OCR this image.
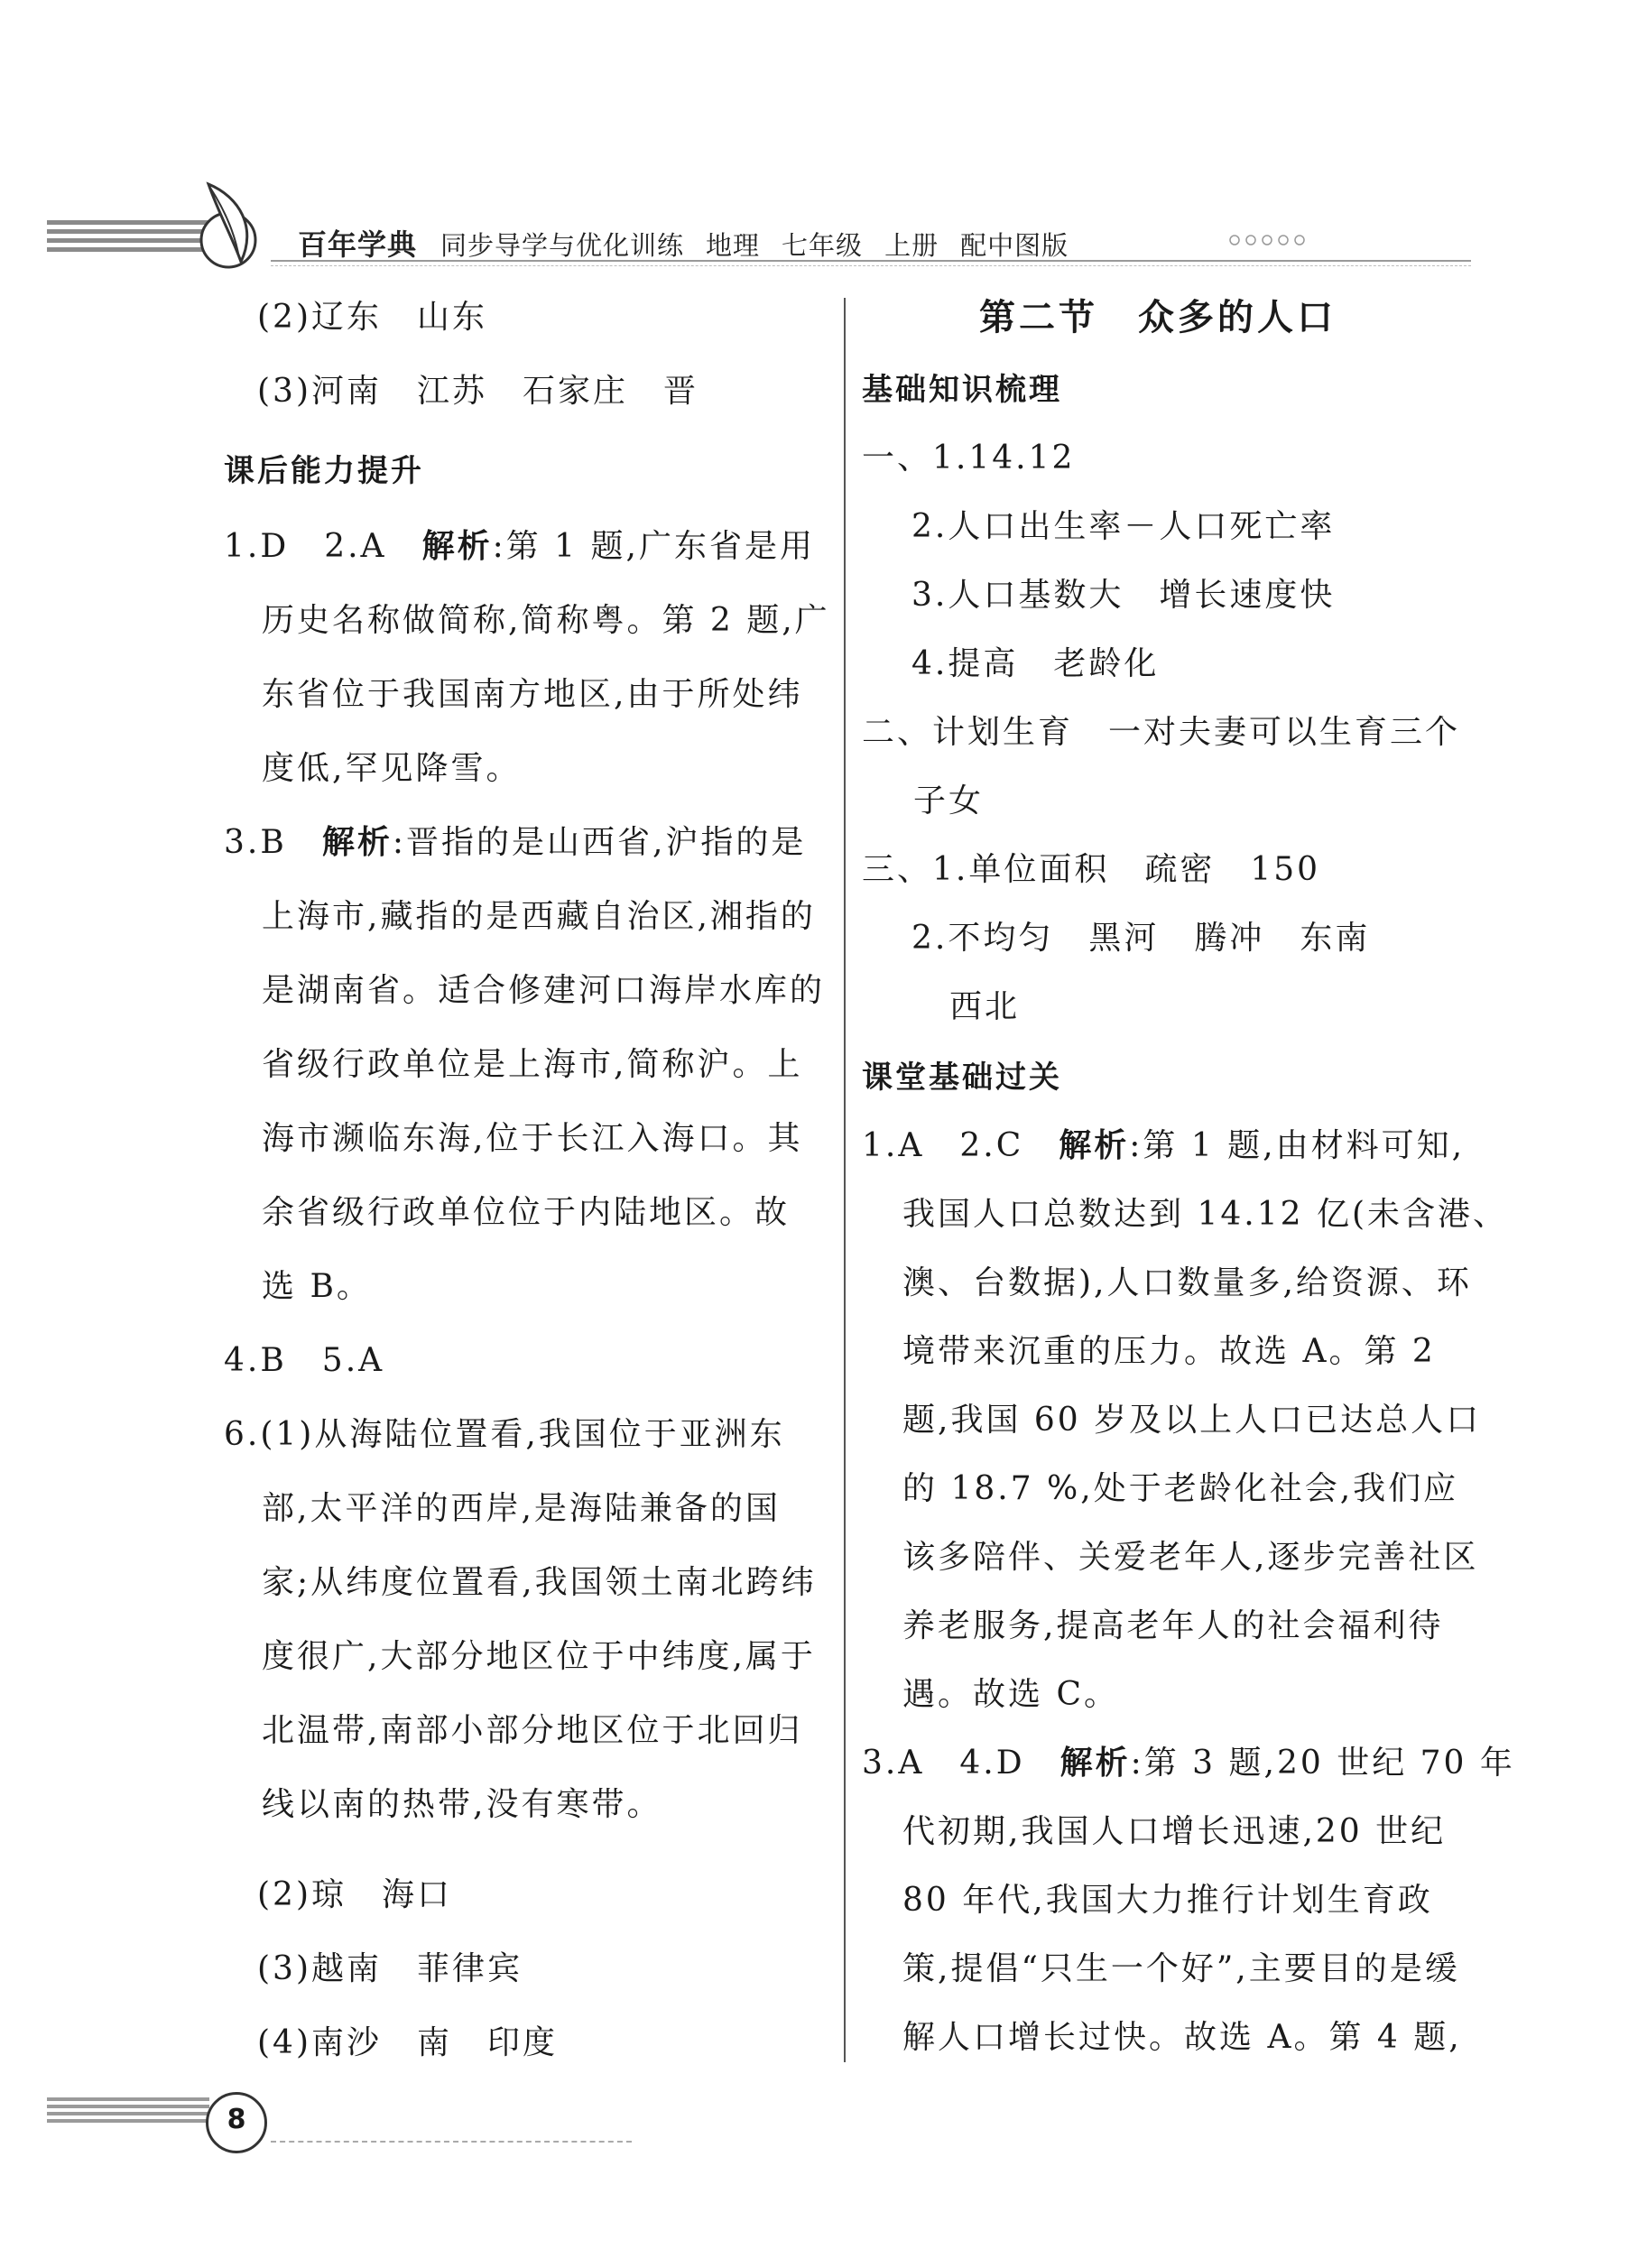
百年学典 同步导学与优化训练 地理 七年级 上册 配中图版
(2)辽东　山东
(3)河南　江苏　石家庄　晋
课后能力提升
1.D　2.A　解析:第 1 题,广东省是用
历史名称做简称,简称粤。第 2 题,广
东省位于我国南方地区,由于所处纬
度低,罕见降雪。
3.B　解析:晋指的是山西省,沪指的是
上海市,藏指的是西藏自治区,湘指的
是湖南省。适合修建河口海岸水库的
省级行政单位是上海市,简称沪。上
海市濒临东海,位于长江入海口。其
余省级行政单位位于内陆地区。故
选 B。
4.B　5.A
6.(1)从海陆位置看,我国位于亚洲东
部,太平洋的西岸,是海陆兼备的国
家;从纬度位置看,我国领土南北跨纬
度很广,大部分地区位于中纬度,属于
北温带,南部小部分地区位于北回归
线以南的热带,没有寒带。
(2)琼　海口
(3)越南　菲律宾
(4)南沙　南　印度
第二节　众多的人口
基础知识梳理
一、1.14.12
2.人口出生率－人口死亡率
3.人口基数大　增长速度快
4.提高　老龄化
二、计划生育　一对夫妻可以生育三个
子女
三、1.单位面积　疏密　150
2.不均匀　黑河　腾冲　东南
西北
课堂基础过关
1.A　2.C　解析:第 1 题,由材料可知,
我国人口总数达到 14.12 亿(未含港、
澳、台数据),人口数量多,给资源、环
境带来沉重的压力。故选 A。第 2
题,我国 60 岁及以上人口已达总人口
的 18.7 %,处于老龄化社会,我们应
该多陪伴、关爱老年人,逐步完善社区
养老服务,提高老年人的社会福利待
遇。故选 C。
3.A　4.D　解析:第 3 题,20 世纪 70 年
代初期,我国人口增长迅速,20 世纪
80 年代,我国大力推行计划生育政
策,提倡“只生一个好”,主要目的是缓
解人口增长过快。故选 A。第 4 题,
8
